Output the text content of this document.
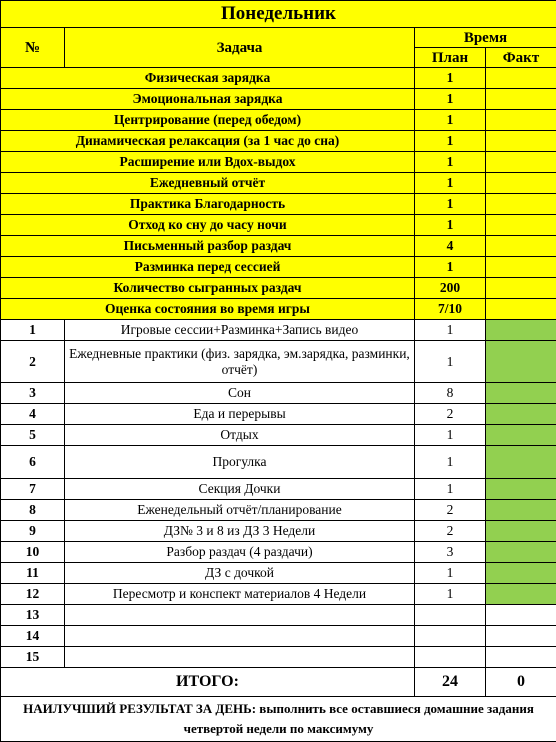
Понедельник			
№	Задача	Время	
		План	Факт
Физическая зарядка		1	
Эмоциональная зарядка		1	
Центрирование (перед обедом)		1	
Динамическая релаксация (за 1 час до сна)		1	
Расширение или Вдох-выдох		1	
Ежедневный отчёт		1	
Практика Благодарность		1	
Отход ко сну до часу ночи		1	
Письменный разбор раздач		4	
Разминка перед сессией		1	
Количество сыгранных раздач		200	
Оценка состояния во время игры		7/10	
1	Игровые сессии+Разминка+Запись видео	1	
2	Ежедневные практики (физ. зарядка, эм.зарядка, разминки, отчёт)	1	
3	Сон	8	
4	Еда и перерывы	2	
5	Отдых	1	
6	Прогулка	1	
7	Секция Дочки	1	
8	Еженедельный отчёт/планирование	2	
9	ДЗ№ 3 и 8 из ДЗ 3 Недели	2	
10	Разбор раздач (4 раздачи)	3	
11	ДЗ с дочкой	1	
12	Пересмотр и конспект материалов 4 Недели	1	
13			
14			
15			
ИТОГО:		24	0
НАИЛУЧШИЙ РЕЗУЛЬТАТ ЗА ДЕНЬ: выполнить все оставшиеся домашние задания четвертой недели по максимуму			
